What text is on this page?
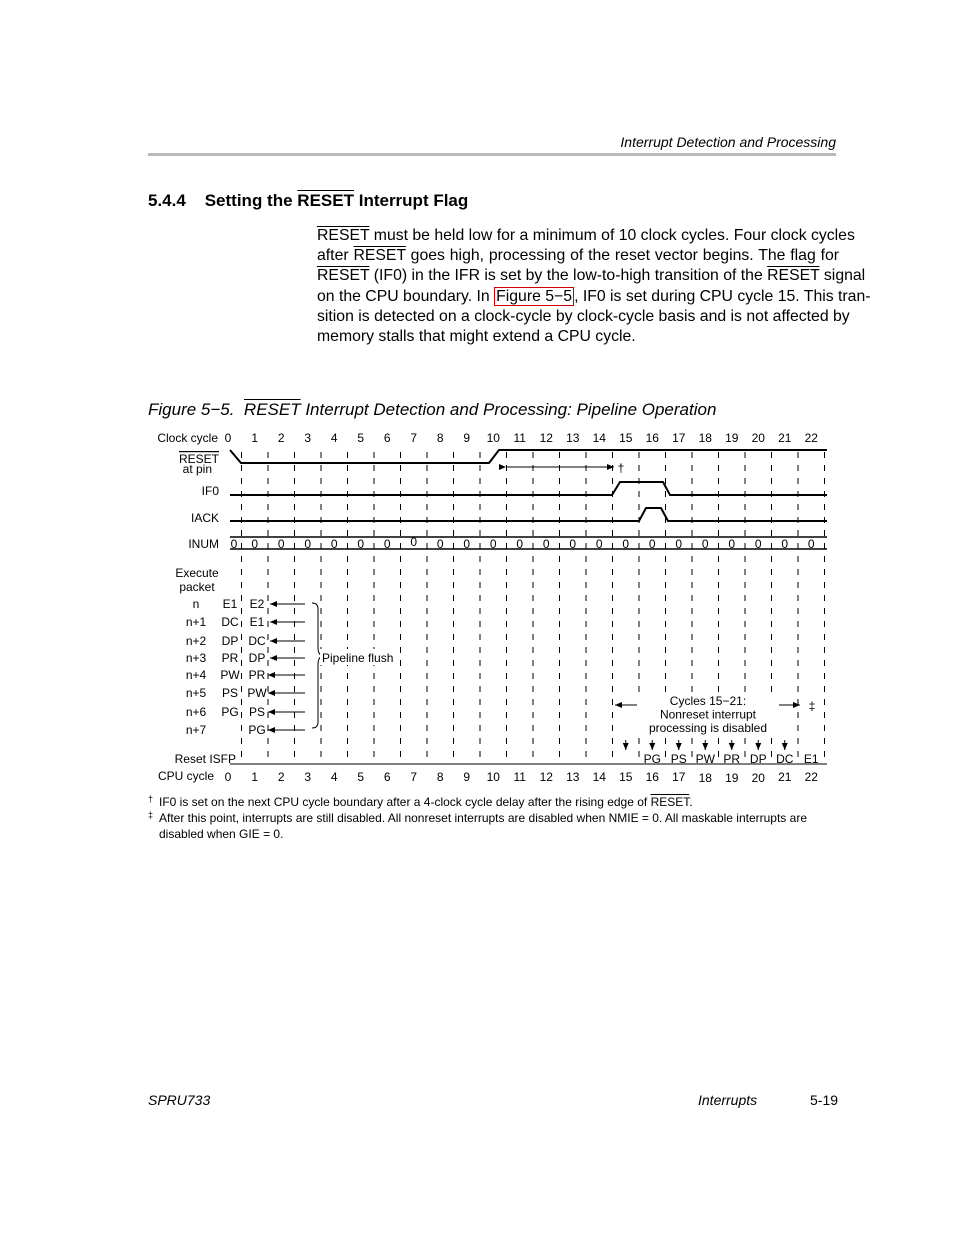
Interrupt Detection and Processing
5.4.4 Setting the RESET Interrupt Flag
RESET must be held low for a minimum of 10 clock cycles. Four clock cycles
after RESET goes high, processing of the reset vector begins. The flag for
RESET (IF0) in the IFR is set by the low-to-high transition of the RESET signal
on the CPU boundary. In Figure 5−5 , IF0 is set during CPU cycle 15. This tran-
sition is detected on a clock-cycle by clock-cycle basis and is not affected by
memory stalls that might extend a CPU cycle.
Figure 5−5.  RESET Interrupt Detection and Processing: Pipeline Operation
†
Cycles 15−21:
Nonreset interrupt
processing is disabled
‡
Clock cycle
RESET
at pin
IF0
IACK
INUM
Execute
packet
Reset ISFP
CPU cycle
0 1 2 3 4 5 6 7 8 9 10 11 12 13 14 15 16 17 18 19 20 21 22
0 0 0 0 0 0 0 0 0 0 0 0 0 0 0 0 0 0 0 0 0 0 0
n E1 E2
n+1 DC E1
n+2 DP DC
n+3 PR DP
n+4 PW PR
n+5 PS PW
n+6 PG PS
n+7	PG
Pipeline flush
PG PS PW PR DP DC E1
0 1 2 3 4 5 6 7 8 9 10 11 12 13 14 15 16 17 18 19 20 21 22
† IF0 is set on the next CPU cycle boundary after a 4-clock cycle delay after the rising edge of RESET.
‡ After this point, interrupts are still disabled. All nonreset interrupts are disabled when NMIE = 0. All maskable interrupts are disabled when GIE = 0.
SPRU733	Interrupts	5-19
